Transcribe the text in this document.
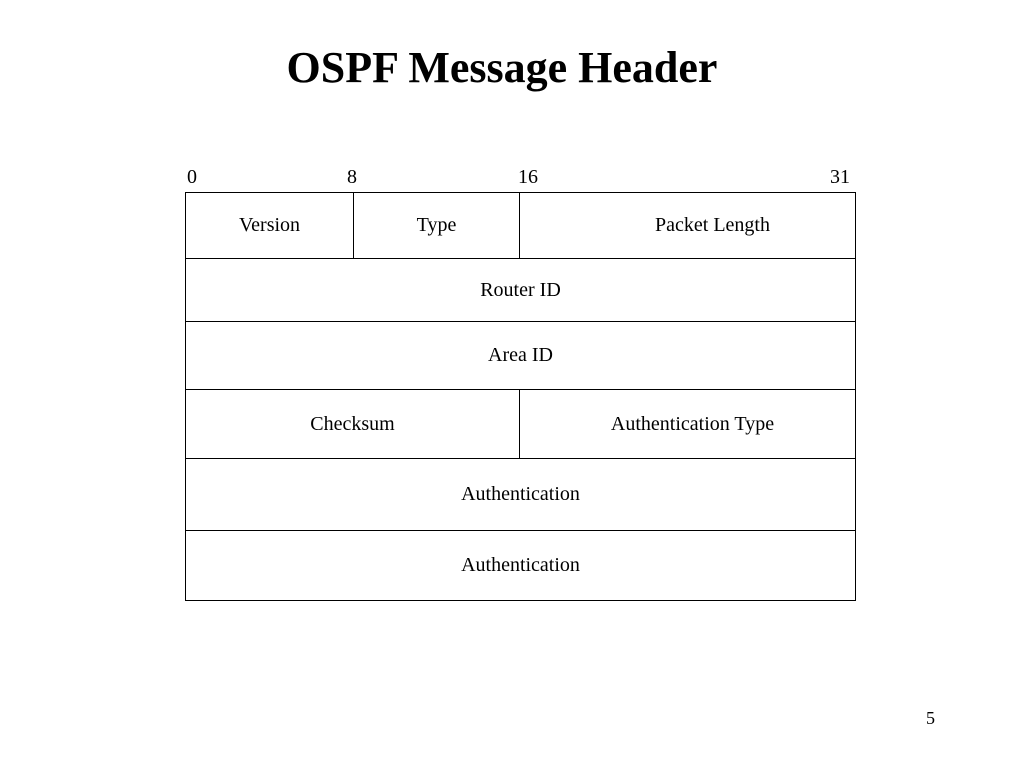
OSPF Message Header
0	8	16	31
Version	Type	Packet Length
Router ID
Area ID
Checksum	Authentication Type
Authentication
Authentication
5
